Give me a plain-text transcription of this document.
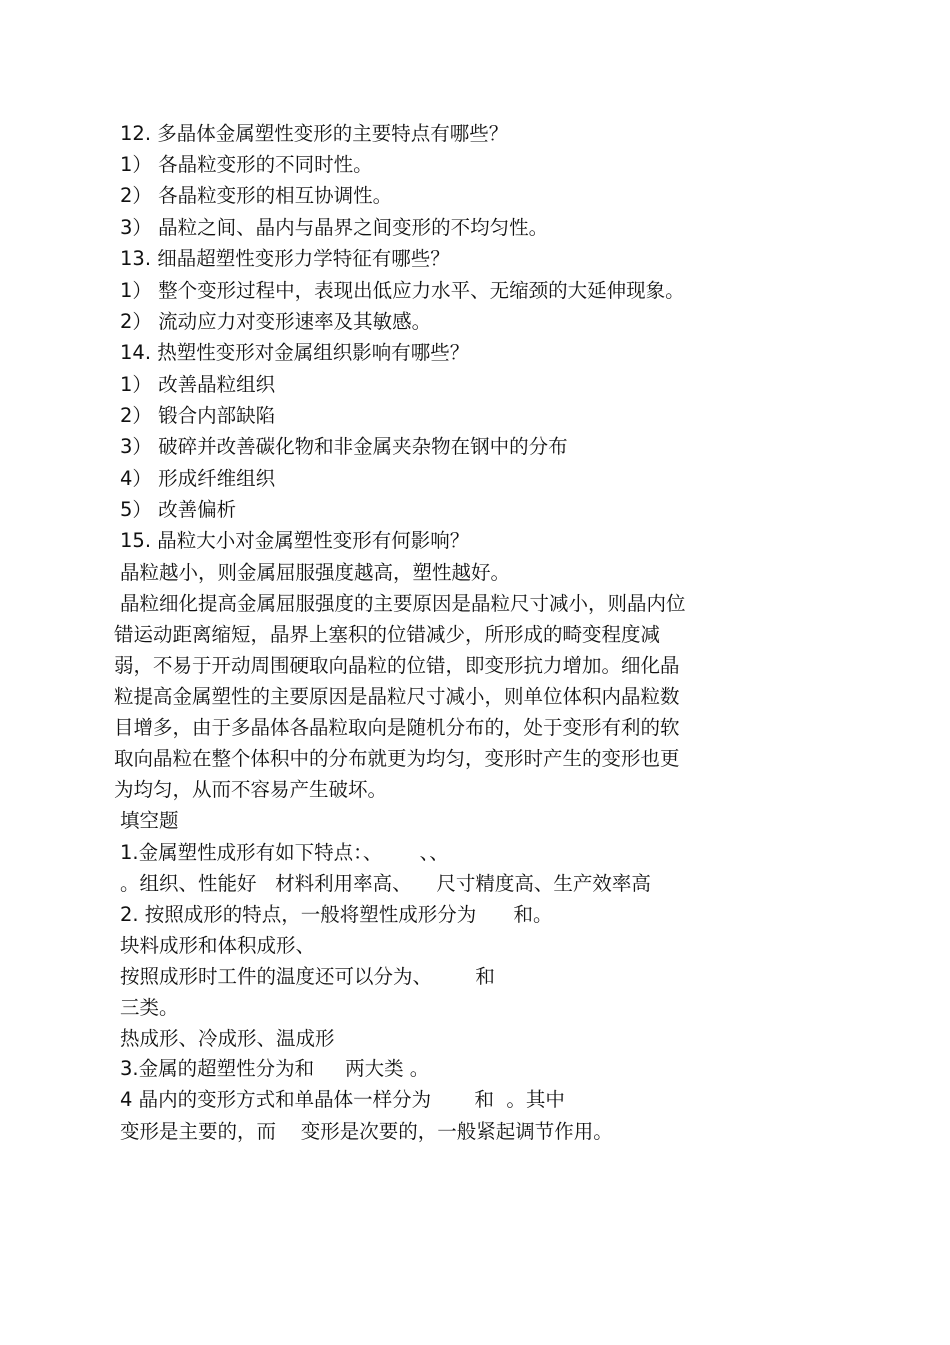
12. 多晶体金属塑性变形的主要特点有哪些？
1） 各晶粒变形的不同时性。
2） 各晶粒变形的相互协调性。
3） 晶粒之间、晶内与晶界之间变形的不均匀性。
13. 细晶超塑性变形力学特征有哪些？
1） 整个变形过程中，表现出低应力水平、无缩颈的大延伸现象。
2） 流动应力对变形速率及其敏感。
14. 热塑性变形对金属组织影响有哪些？
1） 改善晶粒组织
2） 锻合内部缺陷
3） 破碎并改善碳化物和非金属夹杂物在钢中的分布
4） 形成纤维组织
5） 改善偏析
15. 晶粒大小对金属塑性变形有何影响？
晶粒越小，则金属屈服强度越高，塑性越好。
晶粒细化提高金属屈服强度的主要原因是晶粒尺寸减小，则晶内位
错运动距离缩短，晶界上塞积的位错减少，所形成的畸变程度减
弱，不易于开动周围硬取向晶粒的位错，即变形抗力增加。细化晶
粒提高金属塑性的主要原因是晶粒尺寸减小，则单位体积内晶粒数
目增多，由于多晶体各晶粒取向是随机分布的，处于变形有利的软
取向晶粒在整个体积中的分布就更为均匀，变形时产生的变形也更
为均匀，从而不容易产生破坏。
填空题
1.金属塑性成形有如下特点：、      、、
。组织、性能好   材料利用率高、    尺寸精度高、生产效率高
2. 按照成形的特点，一般将塑性成形分为      和。
块料成形和体积成形、
按照成形时工件的温度还可以分为、       和
三类。
热成形、冷成形、温成形
3.金属的超塑性分为和     两大类 。
4 晶内的变形方式和单晶体一样分为       和  。其中
变形是主要的，而    变形是次要的，一般紧起调节作用。
